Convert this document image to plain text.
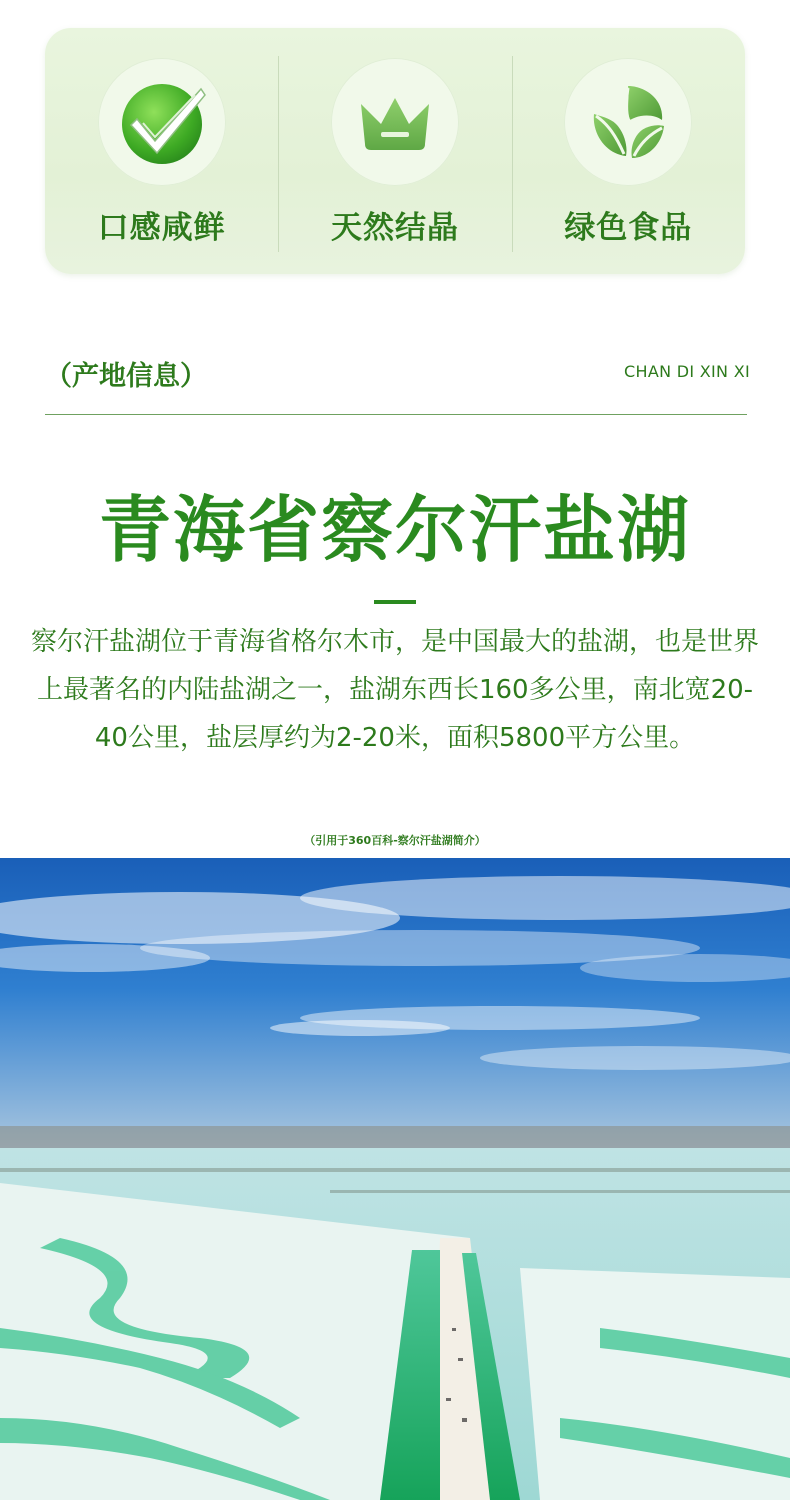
口感咸鲜	天然结晶	绿色食品
（产地信息）	CHAN DI XIN XI
青海省察尔汗盐湖
察尔汗盐湖位于青海省格尔木市，是中国最大的盐湖，也是世界上最著名的内陆盐湖之一，盐湖东西长160多公里，南北宽20-40公里，盐层厚约为2-20米，面积5800平方公里。
（引用于360百科-察尔汗盐湖简介）
